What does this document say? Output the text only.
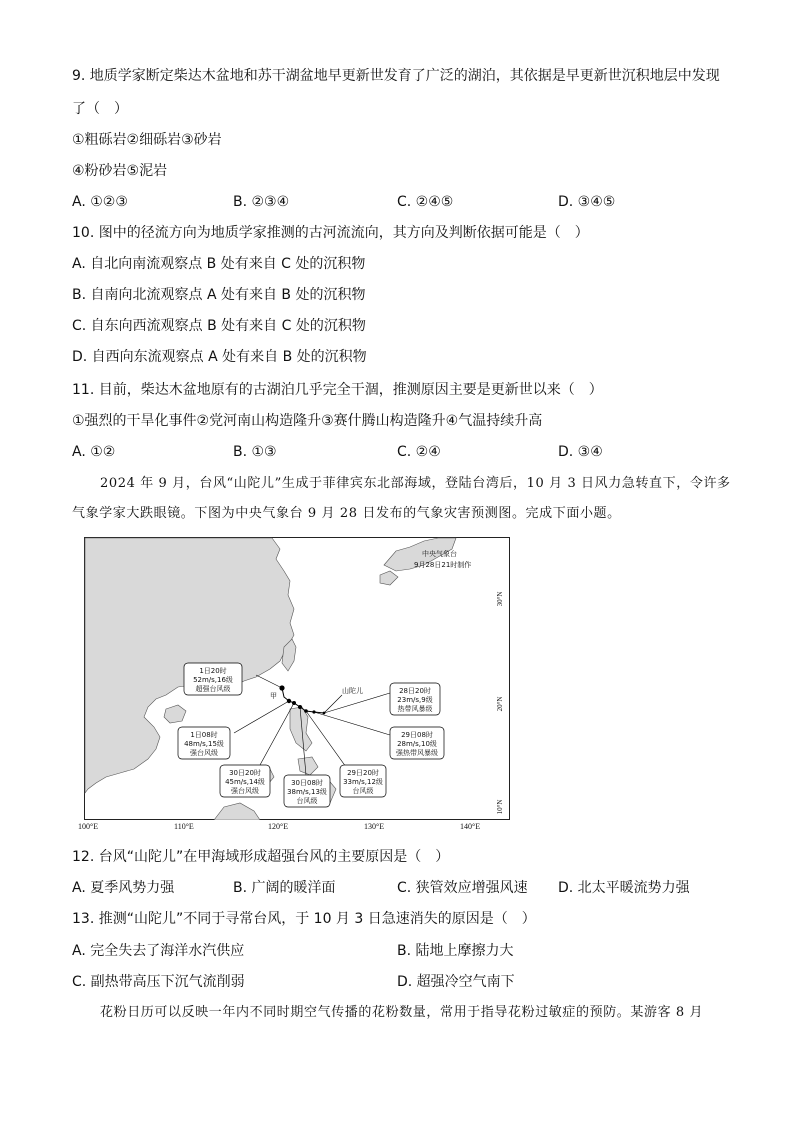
9. 地质学家断定柴达木盆地和苏干湖盆地早更新世发育了广泛的湖泊，其依据是早更新世沉积地层中发现
了（　）
①粗砾岩②细砾岩③砂岩
④粉砂岩⑤泥岩
A. ①②③	B. ②③④	C. ②④⑤	D. ③④⑤
10. 图中的径流方向为地质学家推测的古河流流向，其方向及判断依据可能是（　）
A. 自北向南流观察点 B 处有来自 C 处的沉积物
B. 自南向北流观察点 A 处有来自 B 处的沉积物
C. 自东向西流观察点 B 处有来自 C 处的沉积物
D. 自西向东流观察点 A 处有来自 B 处的沉积物
11. 目前，柴达木盆地原有的古湖泊几乎完全干涸，推测原因主要是更新世以来（　）
①强烈的干旱化事件②党河南山构造隆升③赛什腾山构造隆升④气温持续升高
A. ①②	B. ①③	C. ②④	D. ③④
2024 年 9 月，台风“山陀儿”生成于菲律宾东北部海域，登陆台湾后，10 月 3 日风力急转直下，令许多
气象学家大跌眼镜。下图为中央气象台 9 月 28 日发布的气象灾害预测图。完成下面小题。
甲
山陀儿
中央气象台
9月28日21时制作
1日20时
52m/s,16级
超强台风级
1日08时
48m/s,15级
强台风级
30日20时
45m/s,14级
强台风级
30日08时
38m/s,13级
台风级
29日20时
33m/s,12级
台风级
28日20时
23m/s,9级
热带风暴级
29日08时
28m/s,10级
强热带风暴级
30°N
20°N
10°N
100°E	110°E	120°E	130°E	140°E
12. 台风“山陀儿”在甲海域形成超强台风的主要原因是（　）
A. 夏季风势力强	B. 广阔的暖洋面	C. 狭管效应增强风速 D. 北太平暖流势力强
13. 推测“山陀儿”不同于寻常台风，于 10 月 3 日急速消失的原因是（　）
A. 完全失去了海洋水汽供应	B. 陆地上摩擦力大
C. 副热带高压下沉气流削弱	D. 超强冷空气南下
花粉日历可以反映一年内不同时期空气传播的花粉数量，常用于指导花粉过敏症的预防。某游客 8 月
